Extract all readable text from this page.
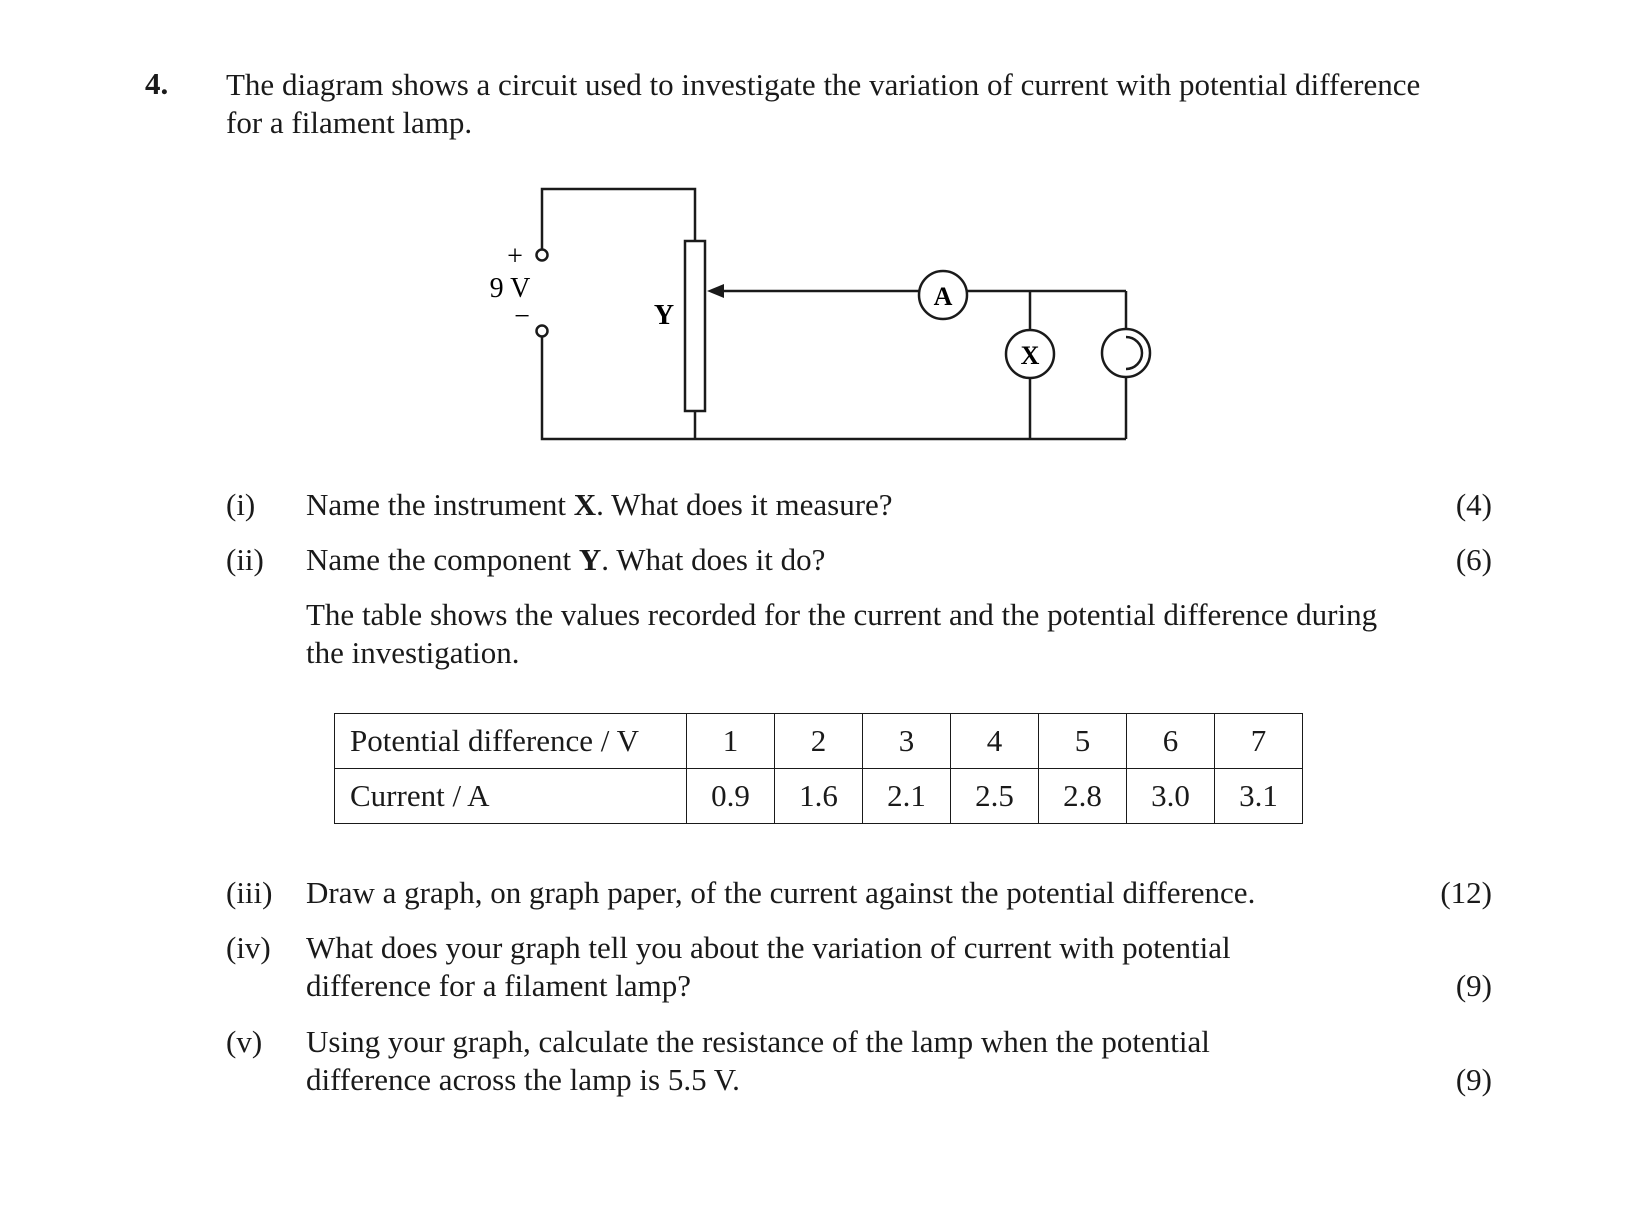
4. The diagram shows a circuit used to investigate the variation of current with potential difference for a filament lamp.
+
9 V
−	Y
A
X
(i) Name the instrument X. What does it measure?	(4)
(ii) Name the component Y. What does it do?	(6)
The table shows the values recorded for the current and the potential difference during the investigation.
Potential difference / V	1	2	3	4	5	6	7
Current / A	0.9	1.6	2.1	2.5	2.8	3.0	3.1
(iii) Draw a graph, on graph paper, of the current against the potential difference.	(12)
(iv) What does your graph tell you about the variation of current with potential difference for a filament lamp?	(9)
(v) Using your graph, calculate the resistance of the lamp when the potential difference across the lamp is 5.5 V.	(9)
